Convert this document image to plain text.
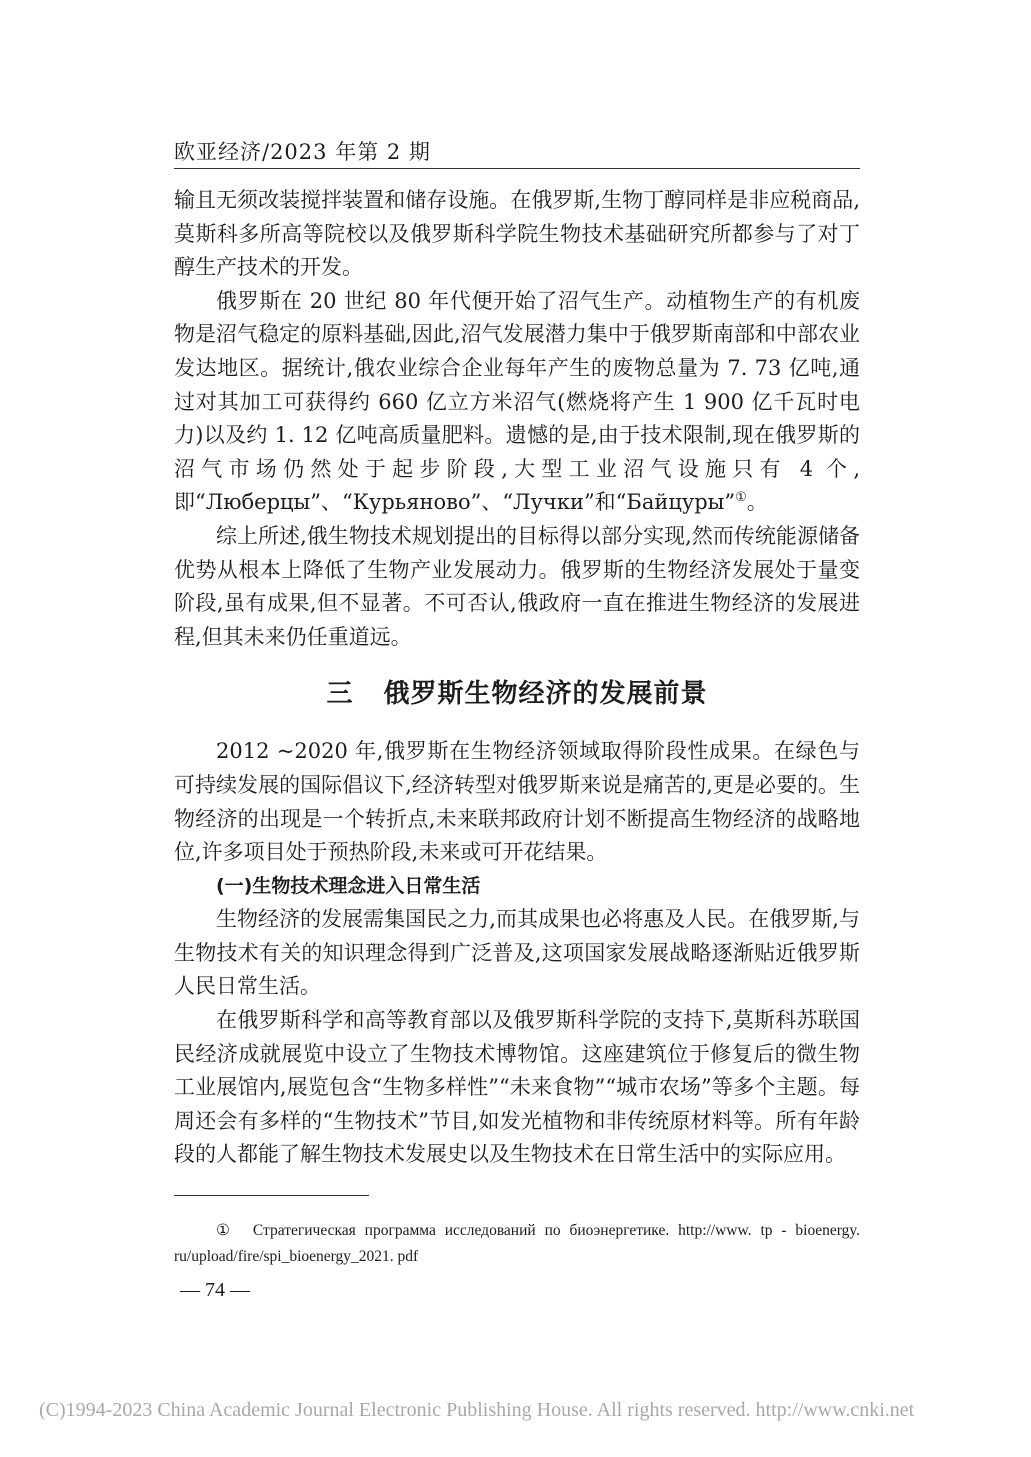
欧亚经济/2023 年第 2 期

输且无须改装搅拌装置和储存设施。在俄罗斯,生物丁醇同样是非应税商品,莫斯科多所高等院校以及俄罗斯科学院生物技术基础研究所都参与了对丁醇生产技术的开发。

俄罗斯在 20 世纪 80 年代便开始了沼气生产。动植物生产的有机废物是沼气稳定的原料基础,因此,沼气发展潜力集中于俄罗斯南部和中部农业发达地区。据统计,俄农业综合企业每年产生的废物总量为 7. 73 亿吨,通过对其加工可获得约 660 亿立方米沼气(燃烧将产生 1 900 亿千瓦时电力)以及约 1. 12 亿吨高质量肥料。遗憾的是,由于技术限制,现在俄罗斯的沼气市场仍然处于起步阶段,大型工业沼气设施只有 4 个,即“Люберцы”、“Курьяново”、“Лучки”和“Байцуры”①。

综上所述,俄生物技术规划提出的目标得以部分实现,然而传统能源储备优势从根本上降低了生物产业发展动力。俄罗斯的生物经济发展处于量变阶段,虽有成果,但不显著。不可否认,俄政府一直在推进生物经济的发展进程,但其未来仍任重道远。

三 俄罗斯生物经济的发展前景

2012 ~2020 年,俄罗斯在生物经济领域取得阶段性成果。在绿色与可持续发展的国际倡议下,经济转型对俄罗斯来说是痛苦的,更是必要的。生物经济的出现是一个转折点,未来联邦政府计划不断提高生物经济的战略地位,许多项目处于预热阶段,未来或可开花结果。

(一)生物技术理念进入日常生活

生物经济的发展需集国民之力,而其成果也必将惠及人民。在俄罗斯,与生物技术有关的知识理念得到广泛普及,这项国家发展战略逐渐贴近俄罗斯人民日常生活。

在俄罗斯科学和高等教育部以及俄罗斯科学院的支持下,莫斯科苏联国民经济成就展览中设立了生物技术博物馆。这座建筑位于修复后的微生物工业展馆内,展览包含“生物多样性”“未来食物”“城市农场”等多个主题。每周还会有多样的“生物技术”节目,如发光植物和非传统原材料等。所有年龄段的人都能了解生物技术发展史以及生物技术在日常生活中的实际应用。

① Стратегическая программа исследований по биоэнергетике. http://www. tp - bioenergy. ru/upload/fire/spi_bioenergy_2021. pdf
— 74 —
(C)1994-2023 China Academic Journal Electronic Publishing House. All rights reserved. http://www.cnki.net
